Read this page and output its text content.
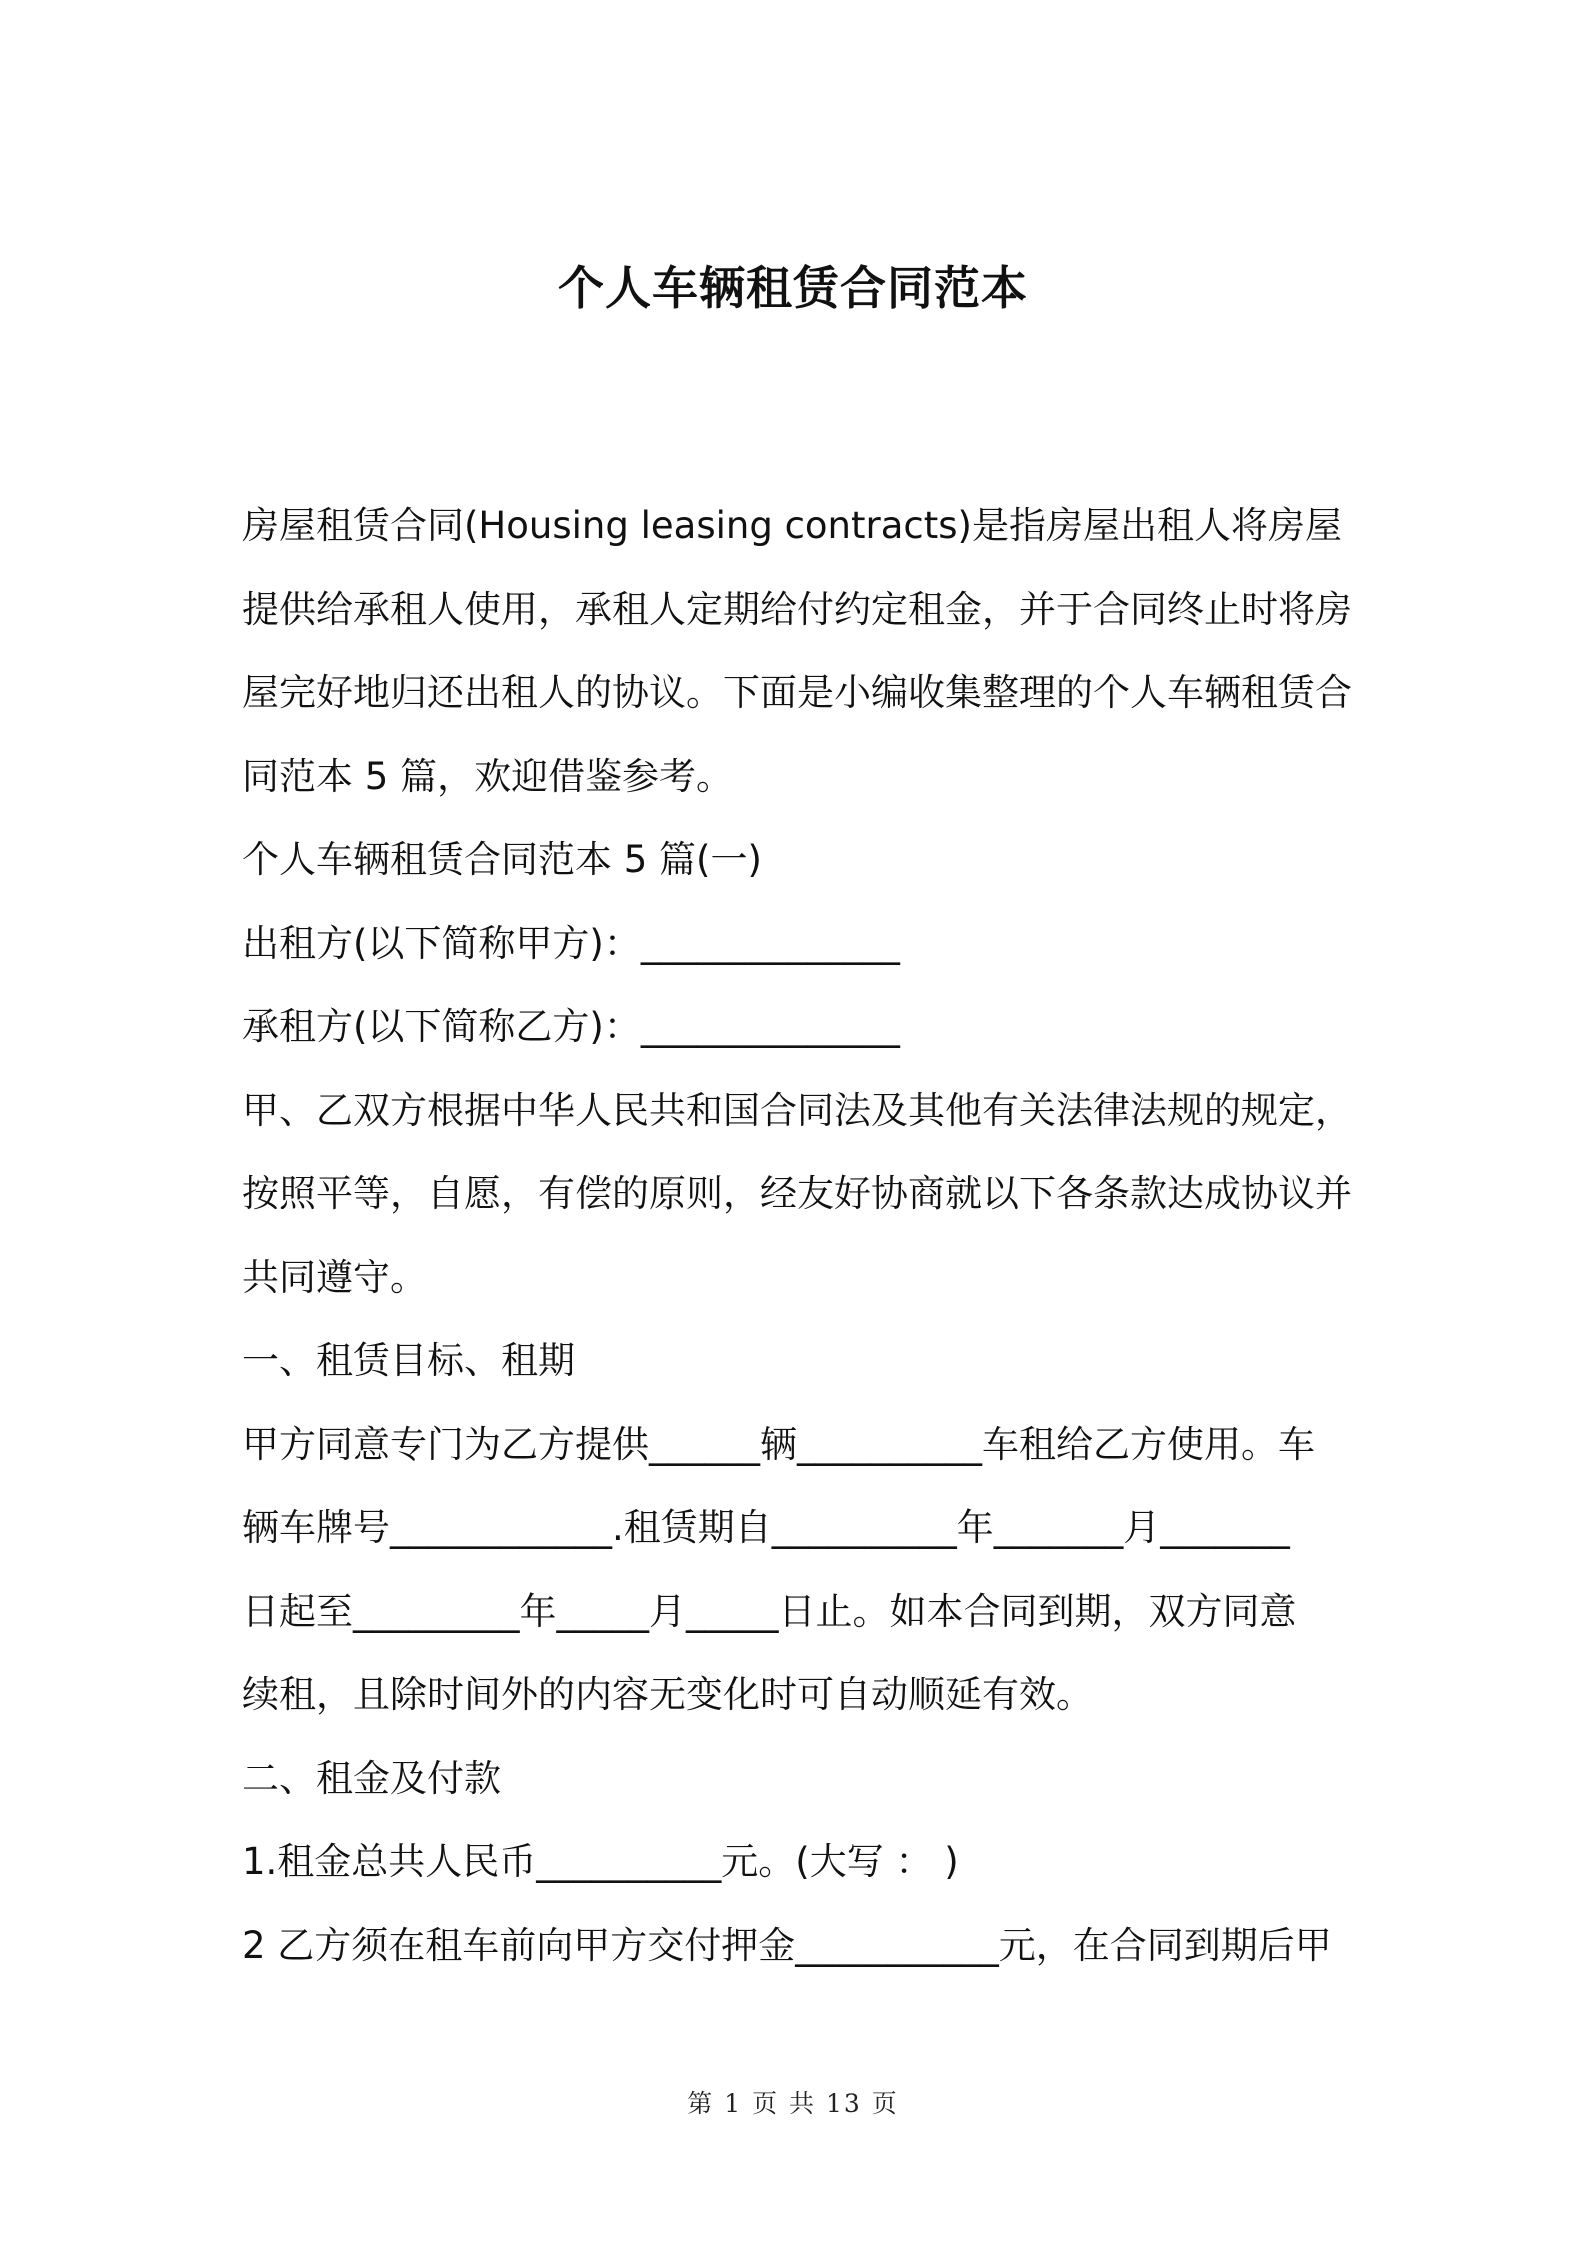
个人车辆租赁合同范本
房屋租赁合同(Housing leasing contracts)是指房屋出租人将房屋
提供给承租人使用，承租人定期给付约定租金，并于合同终止时将房
屋完好地归还出租人的协议。下面是小编收集整理的个人车辆租赁合
同范本 5 篇，欢迎借鉴参考。
个人车辆租赁合同范本 5 篇(一)
出租方(以下简称甲方)：______________
承租方(以下简称乙方)：______________
甲、乙双方根据中华人民共和国合同法及其他有关法律法规的规定，
按照平等，自愿，有偿的原则，经友好协商就以下各条款达成协议并
共同遵守。
一、租赁目标、租期
甲方同意专门为乙方提供______辆__________车租给乙方使用。车
辆车牌号____________.租赁期自__________年_______月_______
日起至_________年_____月_____日止。如本合同到期，双方同意
续租，且除时间外的内容无变化时可自动顺延有效。
二、租金及付款
1.租金总共人民币__________元。(大写 ： )
2 乙方须在租车前向甲方交付押金___________元，在合同到期后甲
第 1 页 共 13 页
